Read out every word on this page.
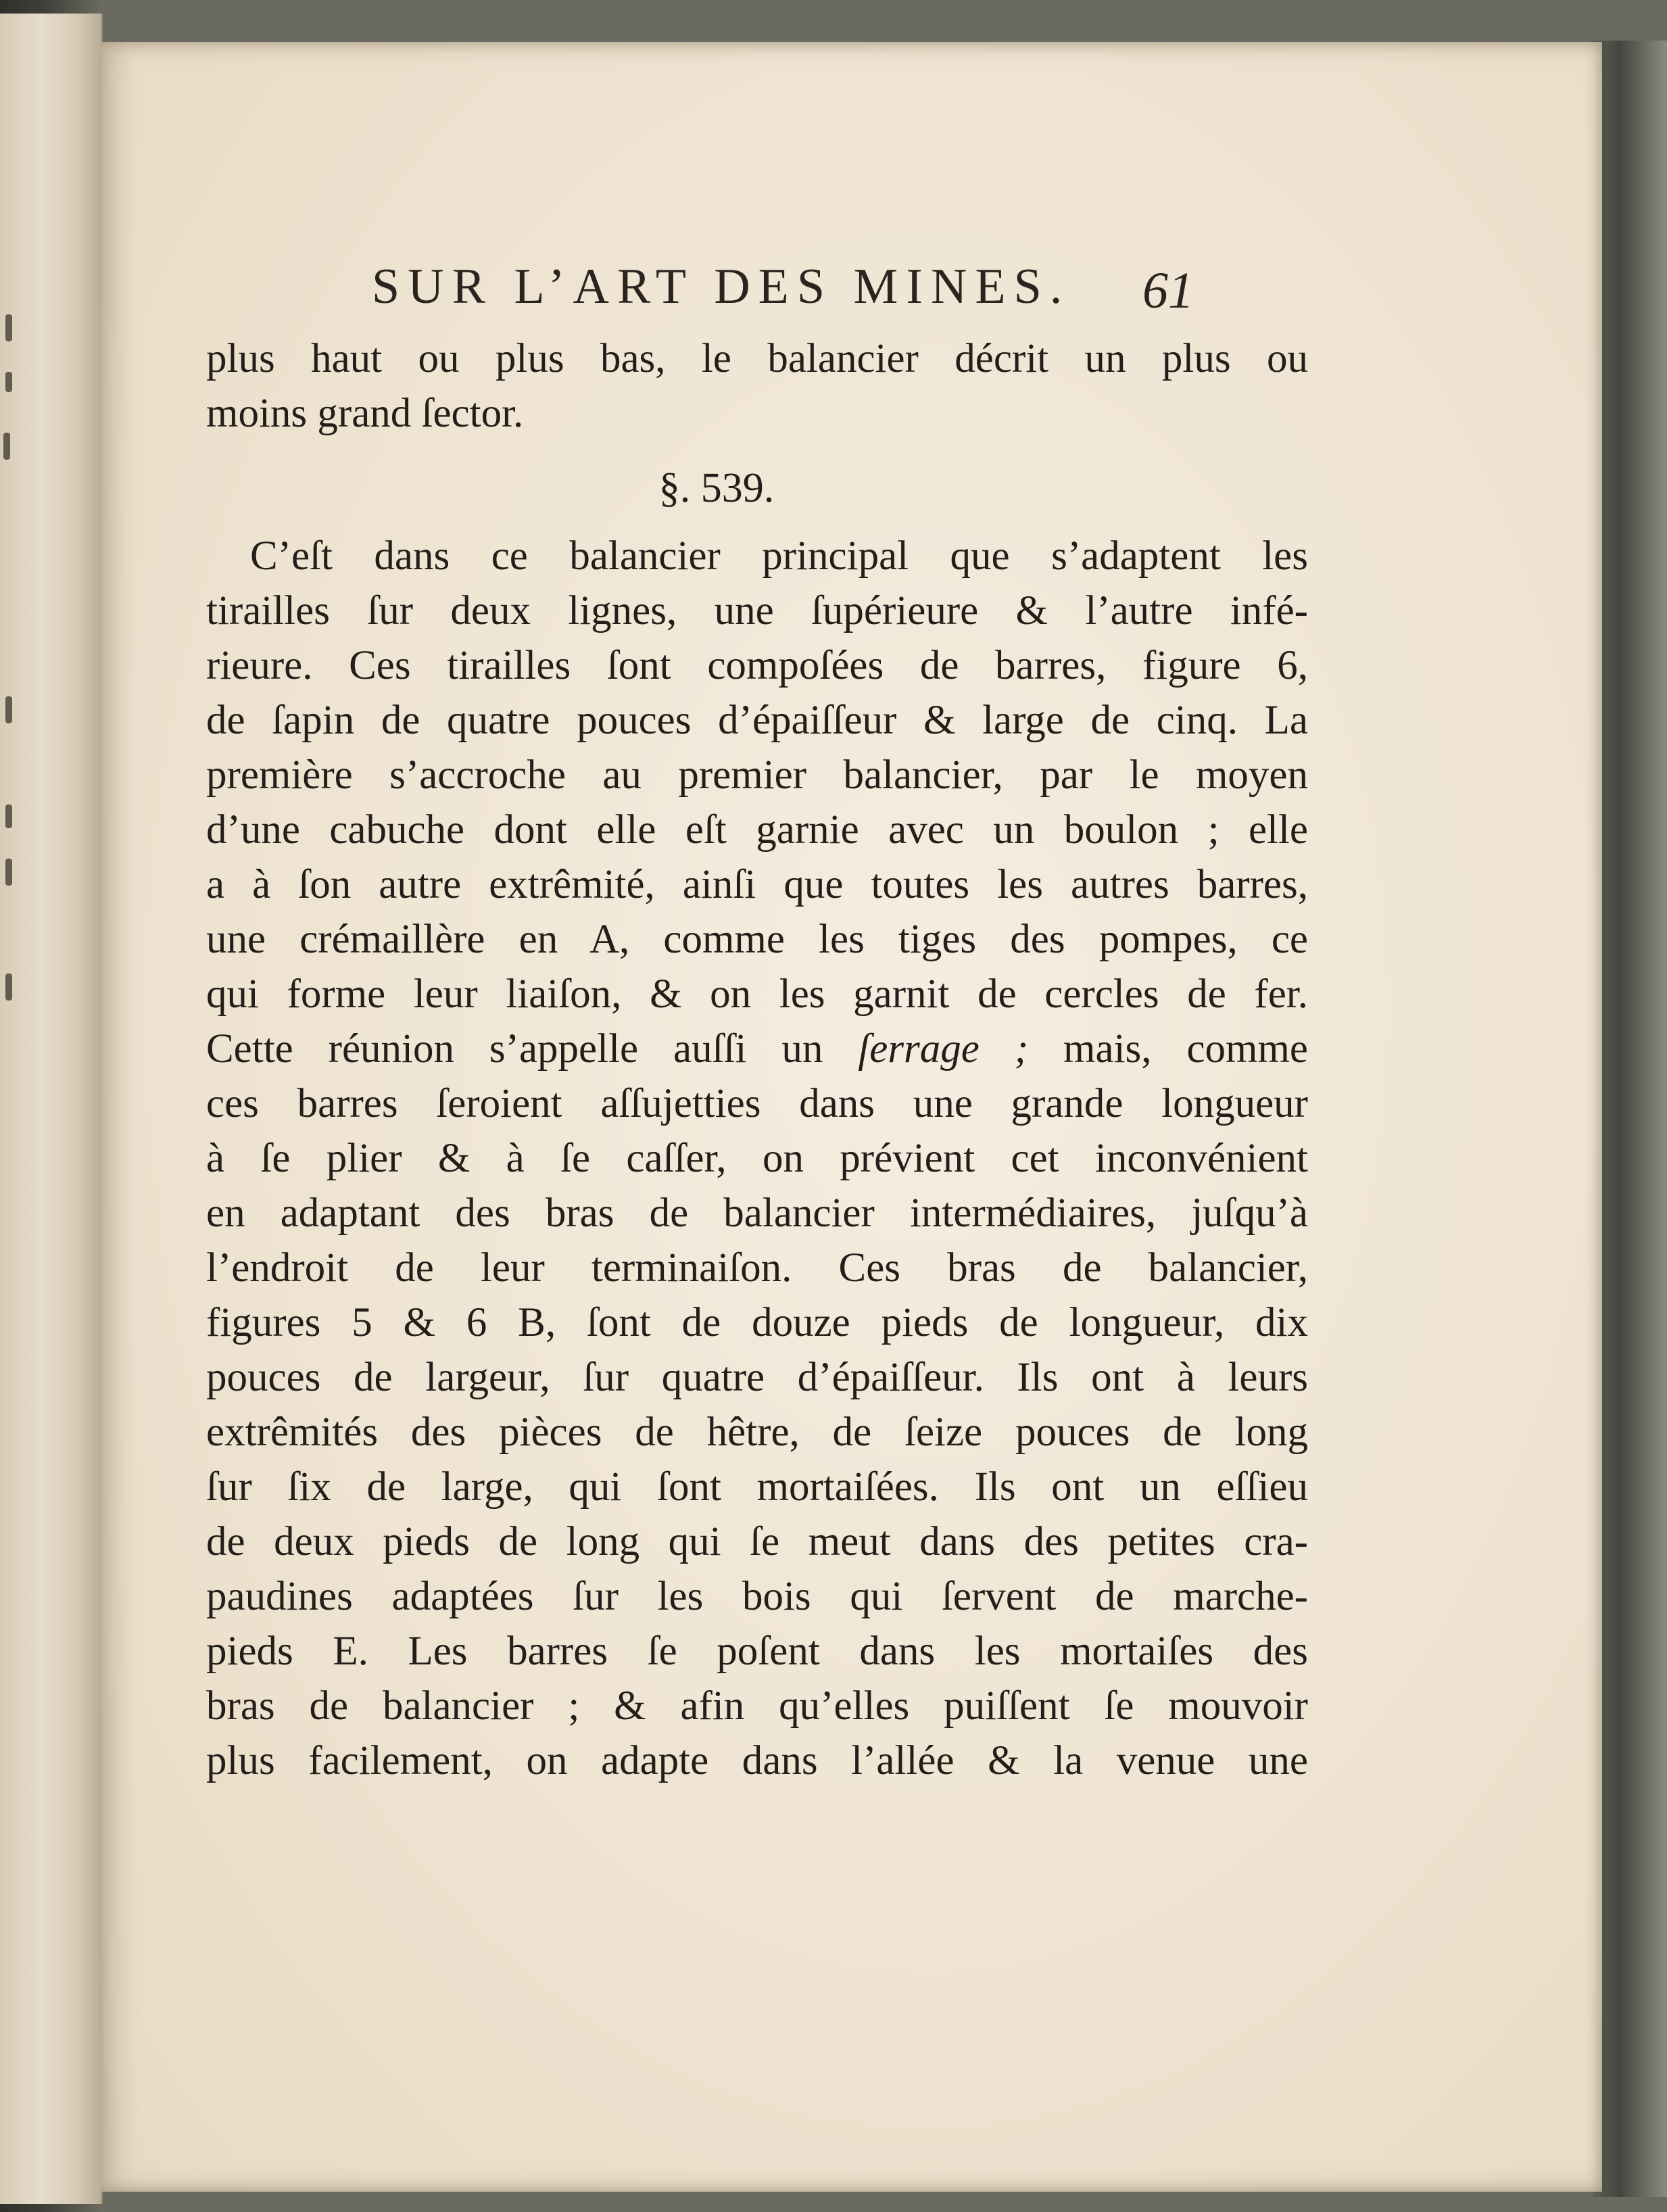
SUR L’ART DES MINES.	61
plus haut ou plus bas, le balancier décrit un plus ou
moins grand ſector.
§. 539.
C’eſt dans ce balancier principal que s’adaptent les
tirailles ſur deux lignes, une ſupérieure & l’autre infé-
rieure. Ces tirailles ſont compoſées de barres, figure 6,
de ſapin de quatre pouces d’épaiſſeur & large de cinq. La
première s’accroche au premier balancier, par le moyen
d’une cabuche dont elle eſt garnie avec un boulon ; elle
a à ſon autre extrêmité, ainſi que toutes les autres barres,
une crémaillère en A, comme les tiges des pompes, ce
qui forme leur liaiſon, & on les garnit de cercles de fer.
Cette réunion s’appelle auſſi un ſerrage ; mais, comme
ces barres ſeroient aſſujetties dans une grande longueur
à ſe plier & à ſe caſſer, on prévient cet inconvénient
en adaptant des bras de balancier intermédiaires, juſqu’à
l’endroit de leur terminaiſon. Ces bras de balancier,
figures 5 & 6 B, ſont de douze pieds de longueur, dix
pouces de largeur, ſur quatre d’épaiſſeur. Ils ont à leurs
extrêmités des pièces de hêtre, de ſeize pouces de long
ſur ſix de large, qui ſont mortaiſées. Ils ont un eſſieu
de deux pieds de long qui ſe meut dans des petites cra-
paudines adaptées ſur les bois qui ſervent de marche-
pieds E. Les barres ſe poſent dans les mortaiſes des
bras de balancier ; & afin qu’elles puiſſent ſe mouvoir
plus facilement, on adapte dans l’allée & la venue une
